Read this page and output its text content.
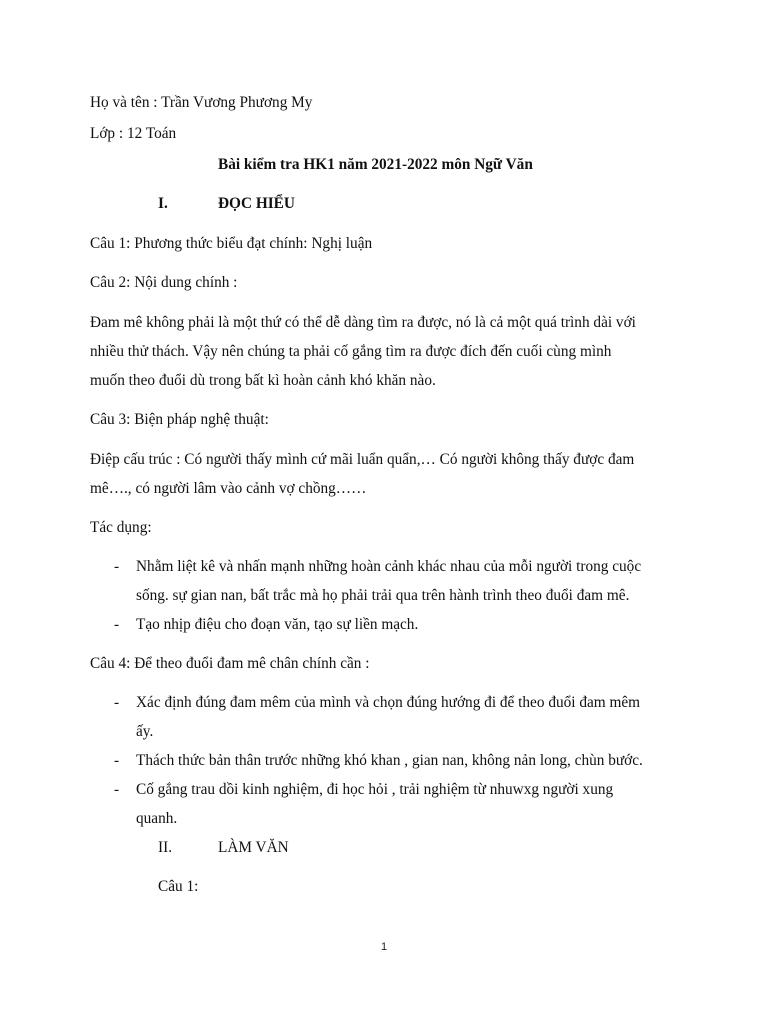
Họ và tên : Trần Vương Phương My
Lớp : 12 Toán
Bài kiểm tra HK1 năm 2021-2022 môn Ngữ Văn
I.	ĐỌC HIỂU
Câu 1: Phương thức biểu đạt chính: Nghị luận
Câu 2: Nội dung chính :
Đam mê không phải là một thứ có thể dễ dàng tìm ra được, nó là cả một quá trình dài với
nhiều thử thách. Vậy nên chúng ta phải cố gắng tìm ra được đích đến cuối cùng mình
muốn theo đuổi dù trong bất kì hoàn cảnh khó khăn nào.
Câu 3: Biện pháp nghệ thuật:
Điệp cấu trúc : Có người thấy mình cứ mãi luẩn quẩn,… Có người không thấy được đam
mê…., có người lâm vào cảnh vợ chồng……
Tác dụng:
- Nhằm liệt kê và nhấn mạnh những hoàn cảnh khác nhau của mỗi người trong cuộc
sống. sự gian nan, bất trắc mà họ phải trải qua trên hành trình theo đuổi đam mê.
- Tạo nhịp điệu cho đoạn văn, tạo sự liền mạch.
Câu 4: Để theo đuổi đam mê chân chính cần :
- Xác định đúng đam mêm của mình và chọn đúng hướng đi để theo đuổi đam mêm
ấy.
- Thách thức bản thân trước những khó khan , gian nan, không nản long, chùn bước.
- Cố gắng trau dồi kinh nghiệm, đi học hỏi , trải nghiệm từ nhuwxg người xung
quanh.
II.	LÀM VĂN
Câu 1:
1
